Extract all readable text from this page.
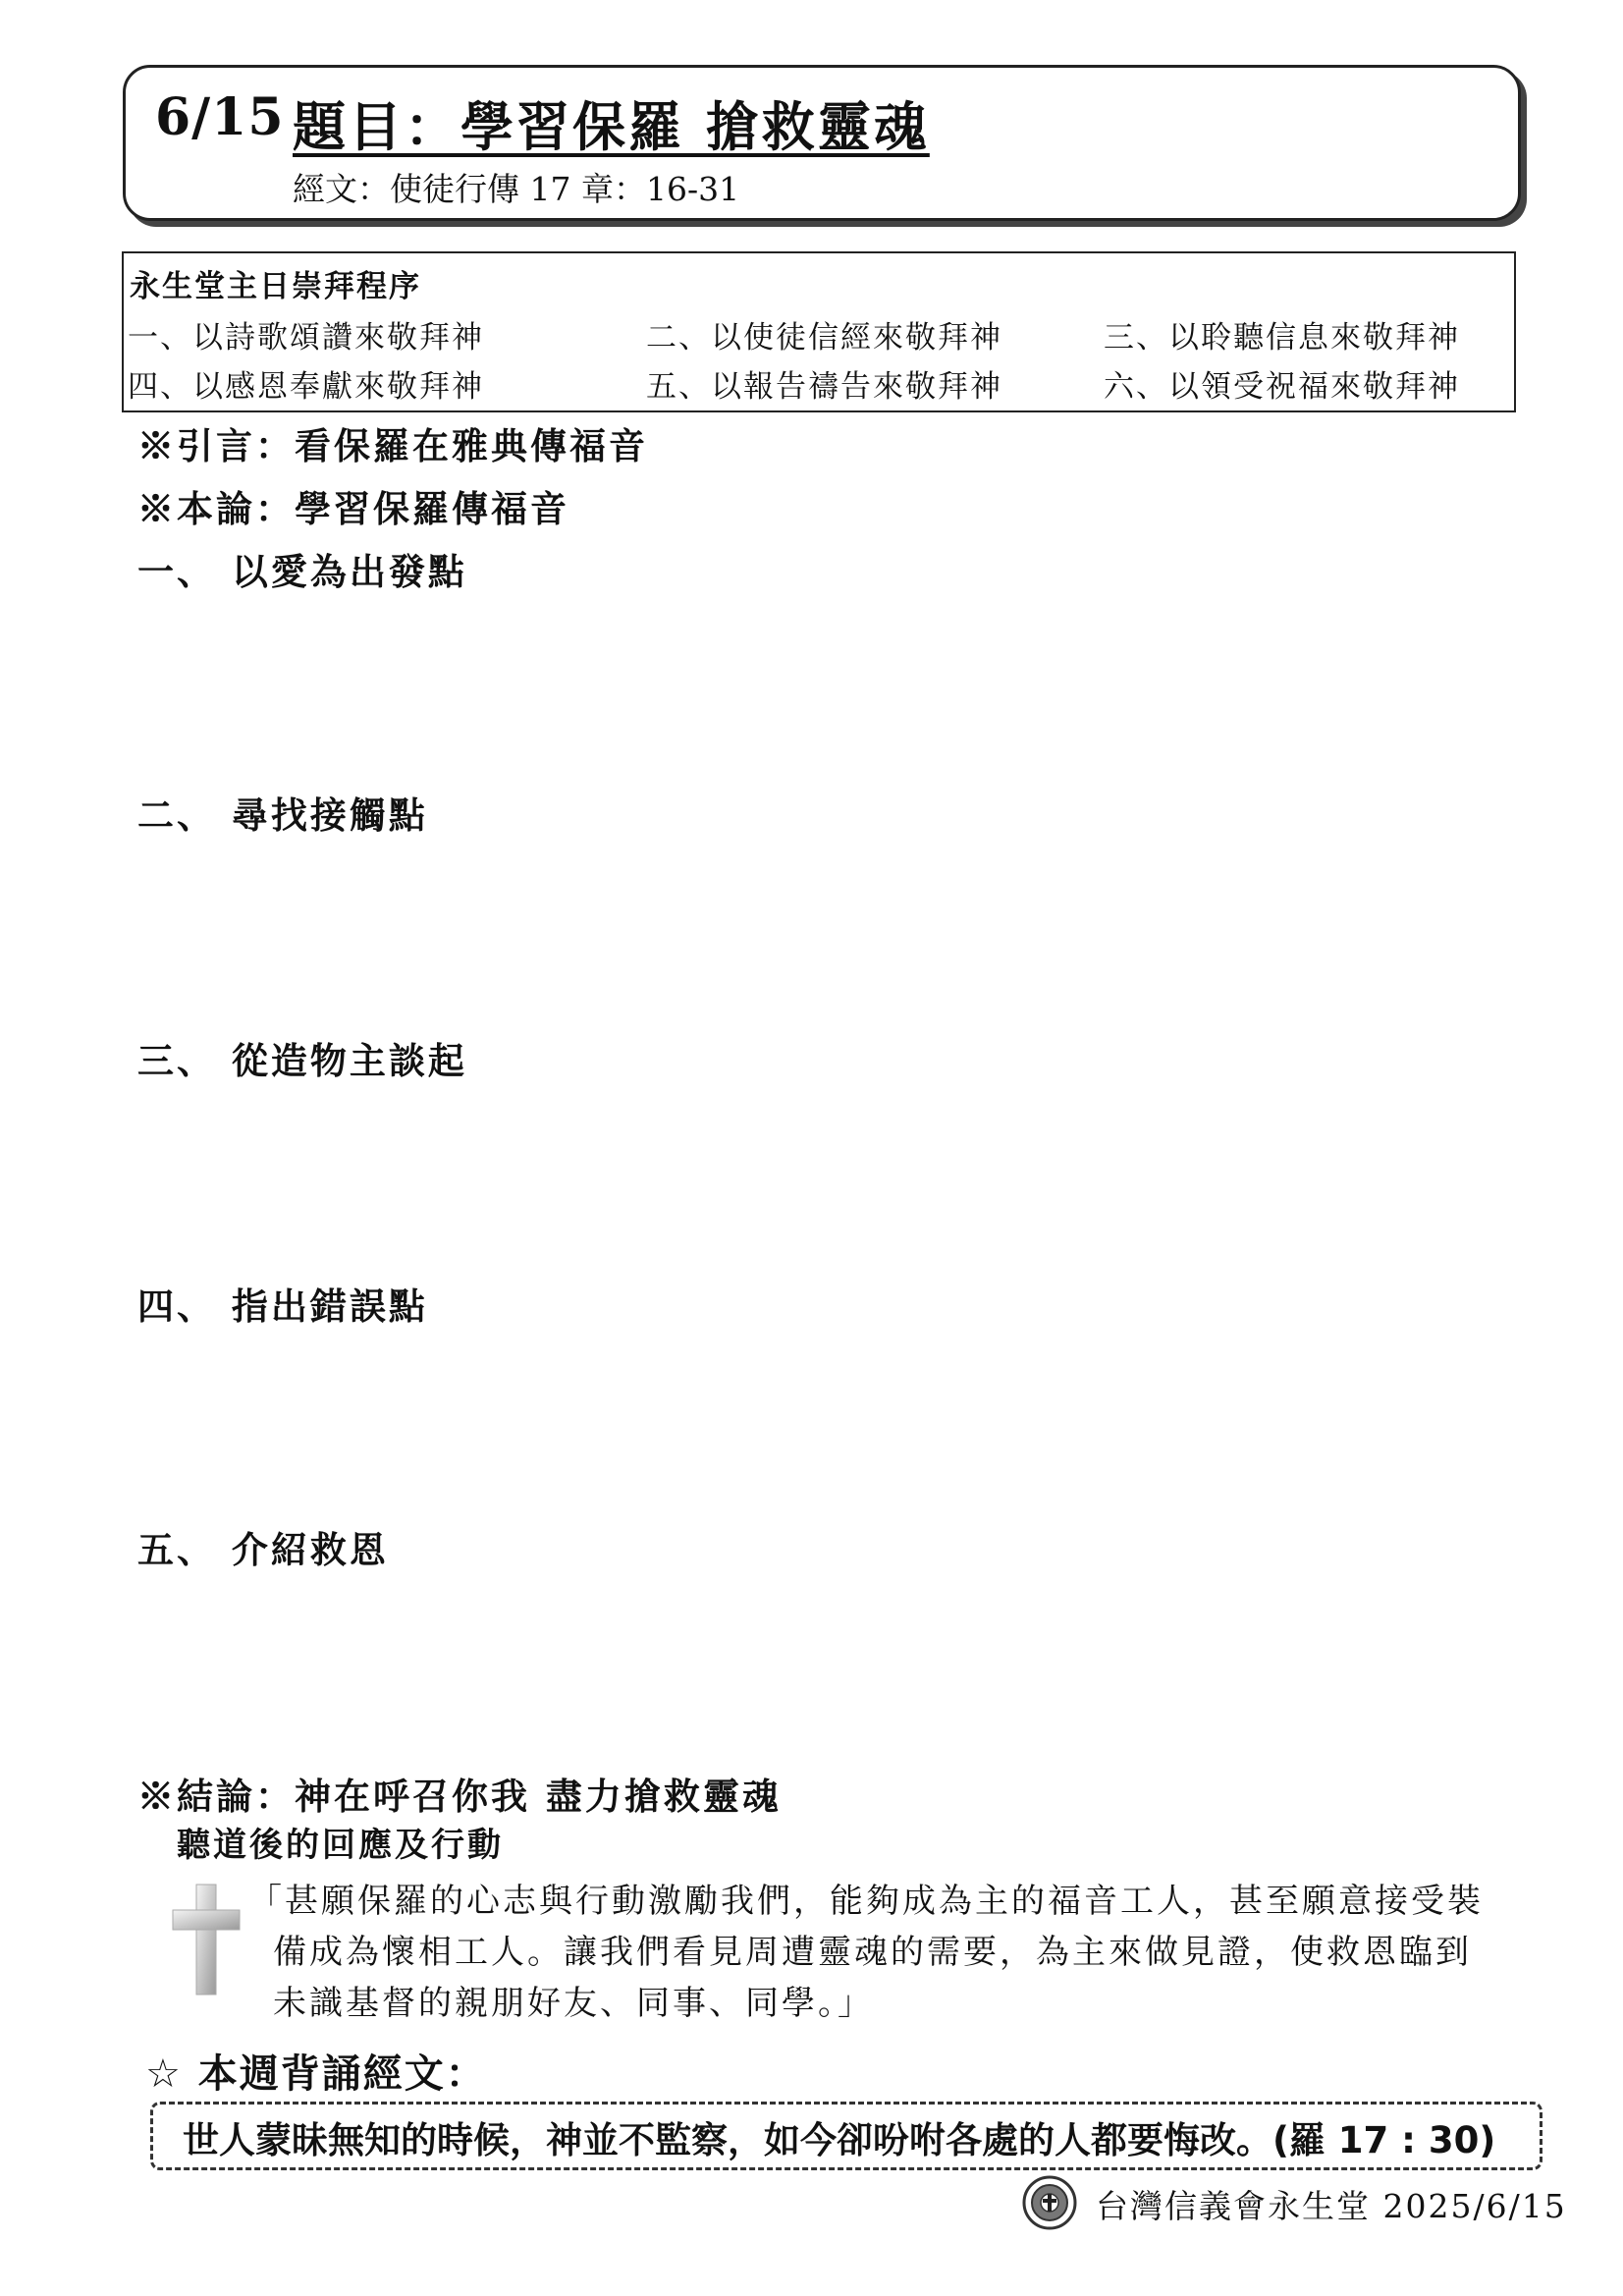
6/15 題目：學習保羅 搶救靈魂
經文：使徒行傳 17 章：16-31
永生堂主日崇拜程序
一、以詩歌頌讚來敬拜神	二、以使徒信經來敬拜神	三、以聆聽信息來敬拜神
四、以感恩奉獻來敬拜神	五、以報告禱告來敬拜神	六、以領受祝福來敬拜神
※引言：看保羅在雅典傳福音
※本論：學習保羅傳福音
一、 以愛為出發點
二、 尋找接觸點
三、 從造物主談起
四、 指出錯誤點
五、 介紹救恩
※結論：神在呼召你我 盡力搶救靈魂
聽道後的回應及行動
「甚願保羅的心志與行動激勵我們，能夠成為主的福音工人，甚至願意接受裝
備成為懷相工人。讓我們看見周遭靈魂的需要，為主來做見證，使救恩臨到
未識基督的親朋好友、同事、同學。」
☆ 本週背誦經文：
世人蒙昧無知的時候，神並不監察，如今卻吩咐各處的人都要悔改。(羅 17 : 30)
台灣信義會永生堂 2025/6/15
